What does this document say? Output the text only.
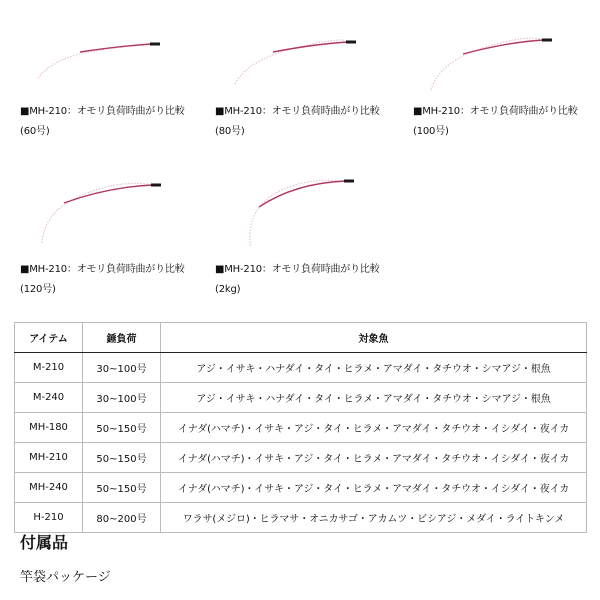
■MH-210：オモリ負荷時曲がり比較
(60号)
■MH-210：オモリ負荷時曲がり比較
(80号)
■MH-210：オモリ負荷時曲がり比較
(100号)
■MH-210：オモリ負荷時曲がり比較
(120号)
■MH-210：オモリ負荷時曲がり比較
(2kg)
アイテム	錘負荷	対象魚
M-210	30~100号	アジ・イサキ・ハナダイ・タイ・ヒラメ・アマダイ・タチウオ・シマアジ・根魚
M-240	30~100号	アジ・イサキ・ハナダイ・タイ・ヒラメ・アマダイ・タチウオ・シマアジ・根魚
MH-180	50~150号	イナダ(ハマチ)・イサキ・アジ・タイ・ヒラメ・アマダイ・タチウオ・イシダイ・夜イカ
MH-210	50~150号	イナダ(ハマチ)・イサキ・アジ・タイ・ヒラメ・アマダイ・タチウオ・イシダイ・夜イカ
MH-240	50~150号	イナダ(ハマチ)・イサキ・アジ・タイ・ヒラメ・アマダイ・タチウオ・イシダイ・夜イカ
H-210	80~200号	ワラサ(メジロ)・ヒラマサ・オニカサゴ・アカムツ・ビシアジ・メダイ・ライトキンメ
付属品
竿袋パッケージ
